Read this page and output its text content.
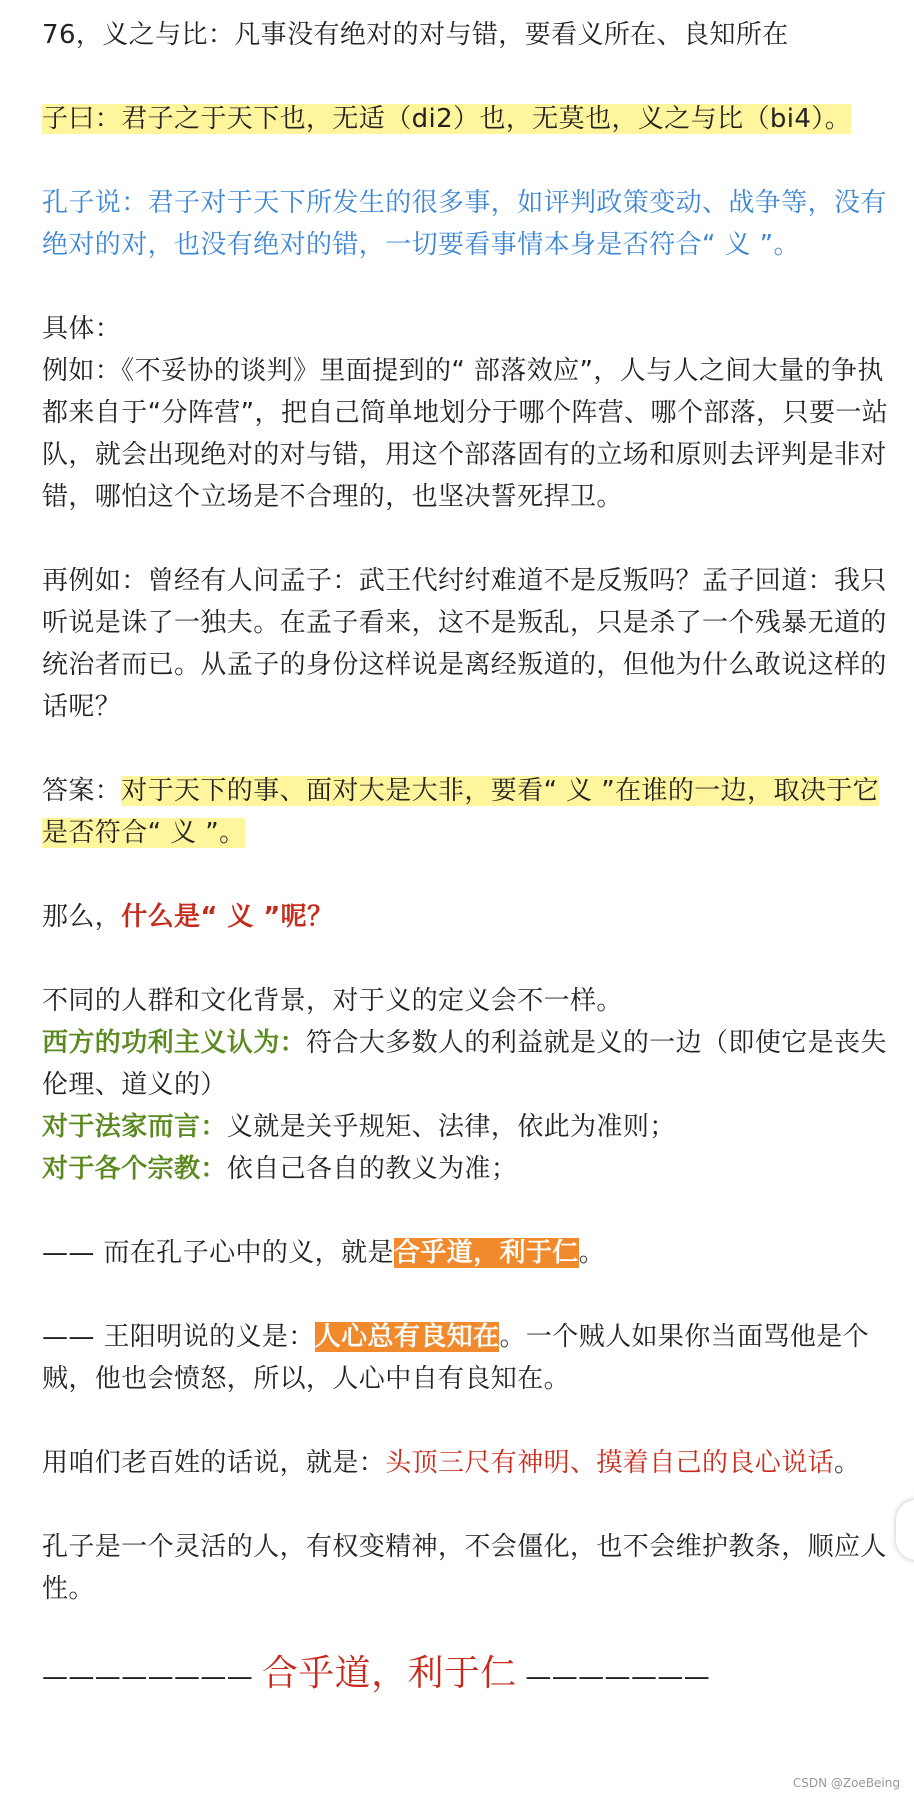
76，义之与比：凡事没有绝对的对与错，要看义所在、良知所在

子曰：君子之于天下也，无适（di2）也，无莫也，义之与比（bi4）。

孔子说：君子对于天下所发生的很多事，如评判政策变动、战争等，没有绝对的对，也没有绝对的错，一切要看事情本身是否符合“ 义 ”。

具体：

例如：《不妥协的谈判》里面提到的“ 部落效应”，人与人之间大量的争执都来自于“分阵营”，把自己简单地划分于哪个阵营、哪个部落，只要一站队，就会出现绝对的对与错，用这个部落固有的立场和原则去评判是非对错，哪怕这个立场是不合理的，也坚决誓死捍卫。

再例如：曾经有人问孟子：武王代纣纣难道不是反叛吗？孟子回道：我只听说是诛了一独夫。在孟子看来，这不是叛乱，只是杀了一个残暴无道的统治者而已。从孟子的身份这样说是离经叛道的，但他为什么敢说这样的话呢？

答案：对于天下的事、面对大是大非，要看“ 义 ”在谁的一边，取决于它是否符合“ 义 ”。

那么，什么是“ 义 ”呢？

不同的人群和文化背景，对于义的定义会不一样。

西方的功利主义认为：符合大多数人的利益就是义的一边（即使它是丧失伦理、道义的）

对于法家而言：义就是关乎规矩、法律，依此为准则；

对于各个宗教：依自己各自的教义为准；

—— 而在孔子心中的义，就是合乎道，利于仁。

—— 王阳明说的义是：人心总有良知在。一个贼人如果你当面骂他是个贼，他也会愤怒，所以，人心中自有良知在。

用咱们老百姓的话说，就是：头顶三尺有神明、摸着自己的良心说话。

孔子是一个灵活的人，有权变精神，不会僵化，也不会维护教条，顺应人性。

———————— 合乎道，利于仁 ———————

CSDN @ZoeBeing
